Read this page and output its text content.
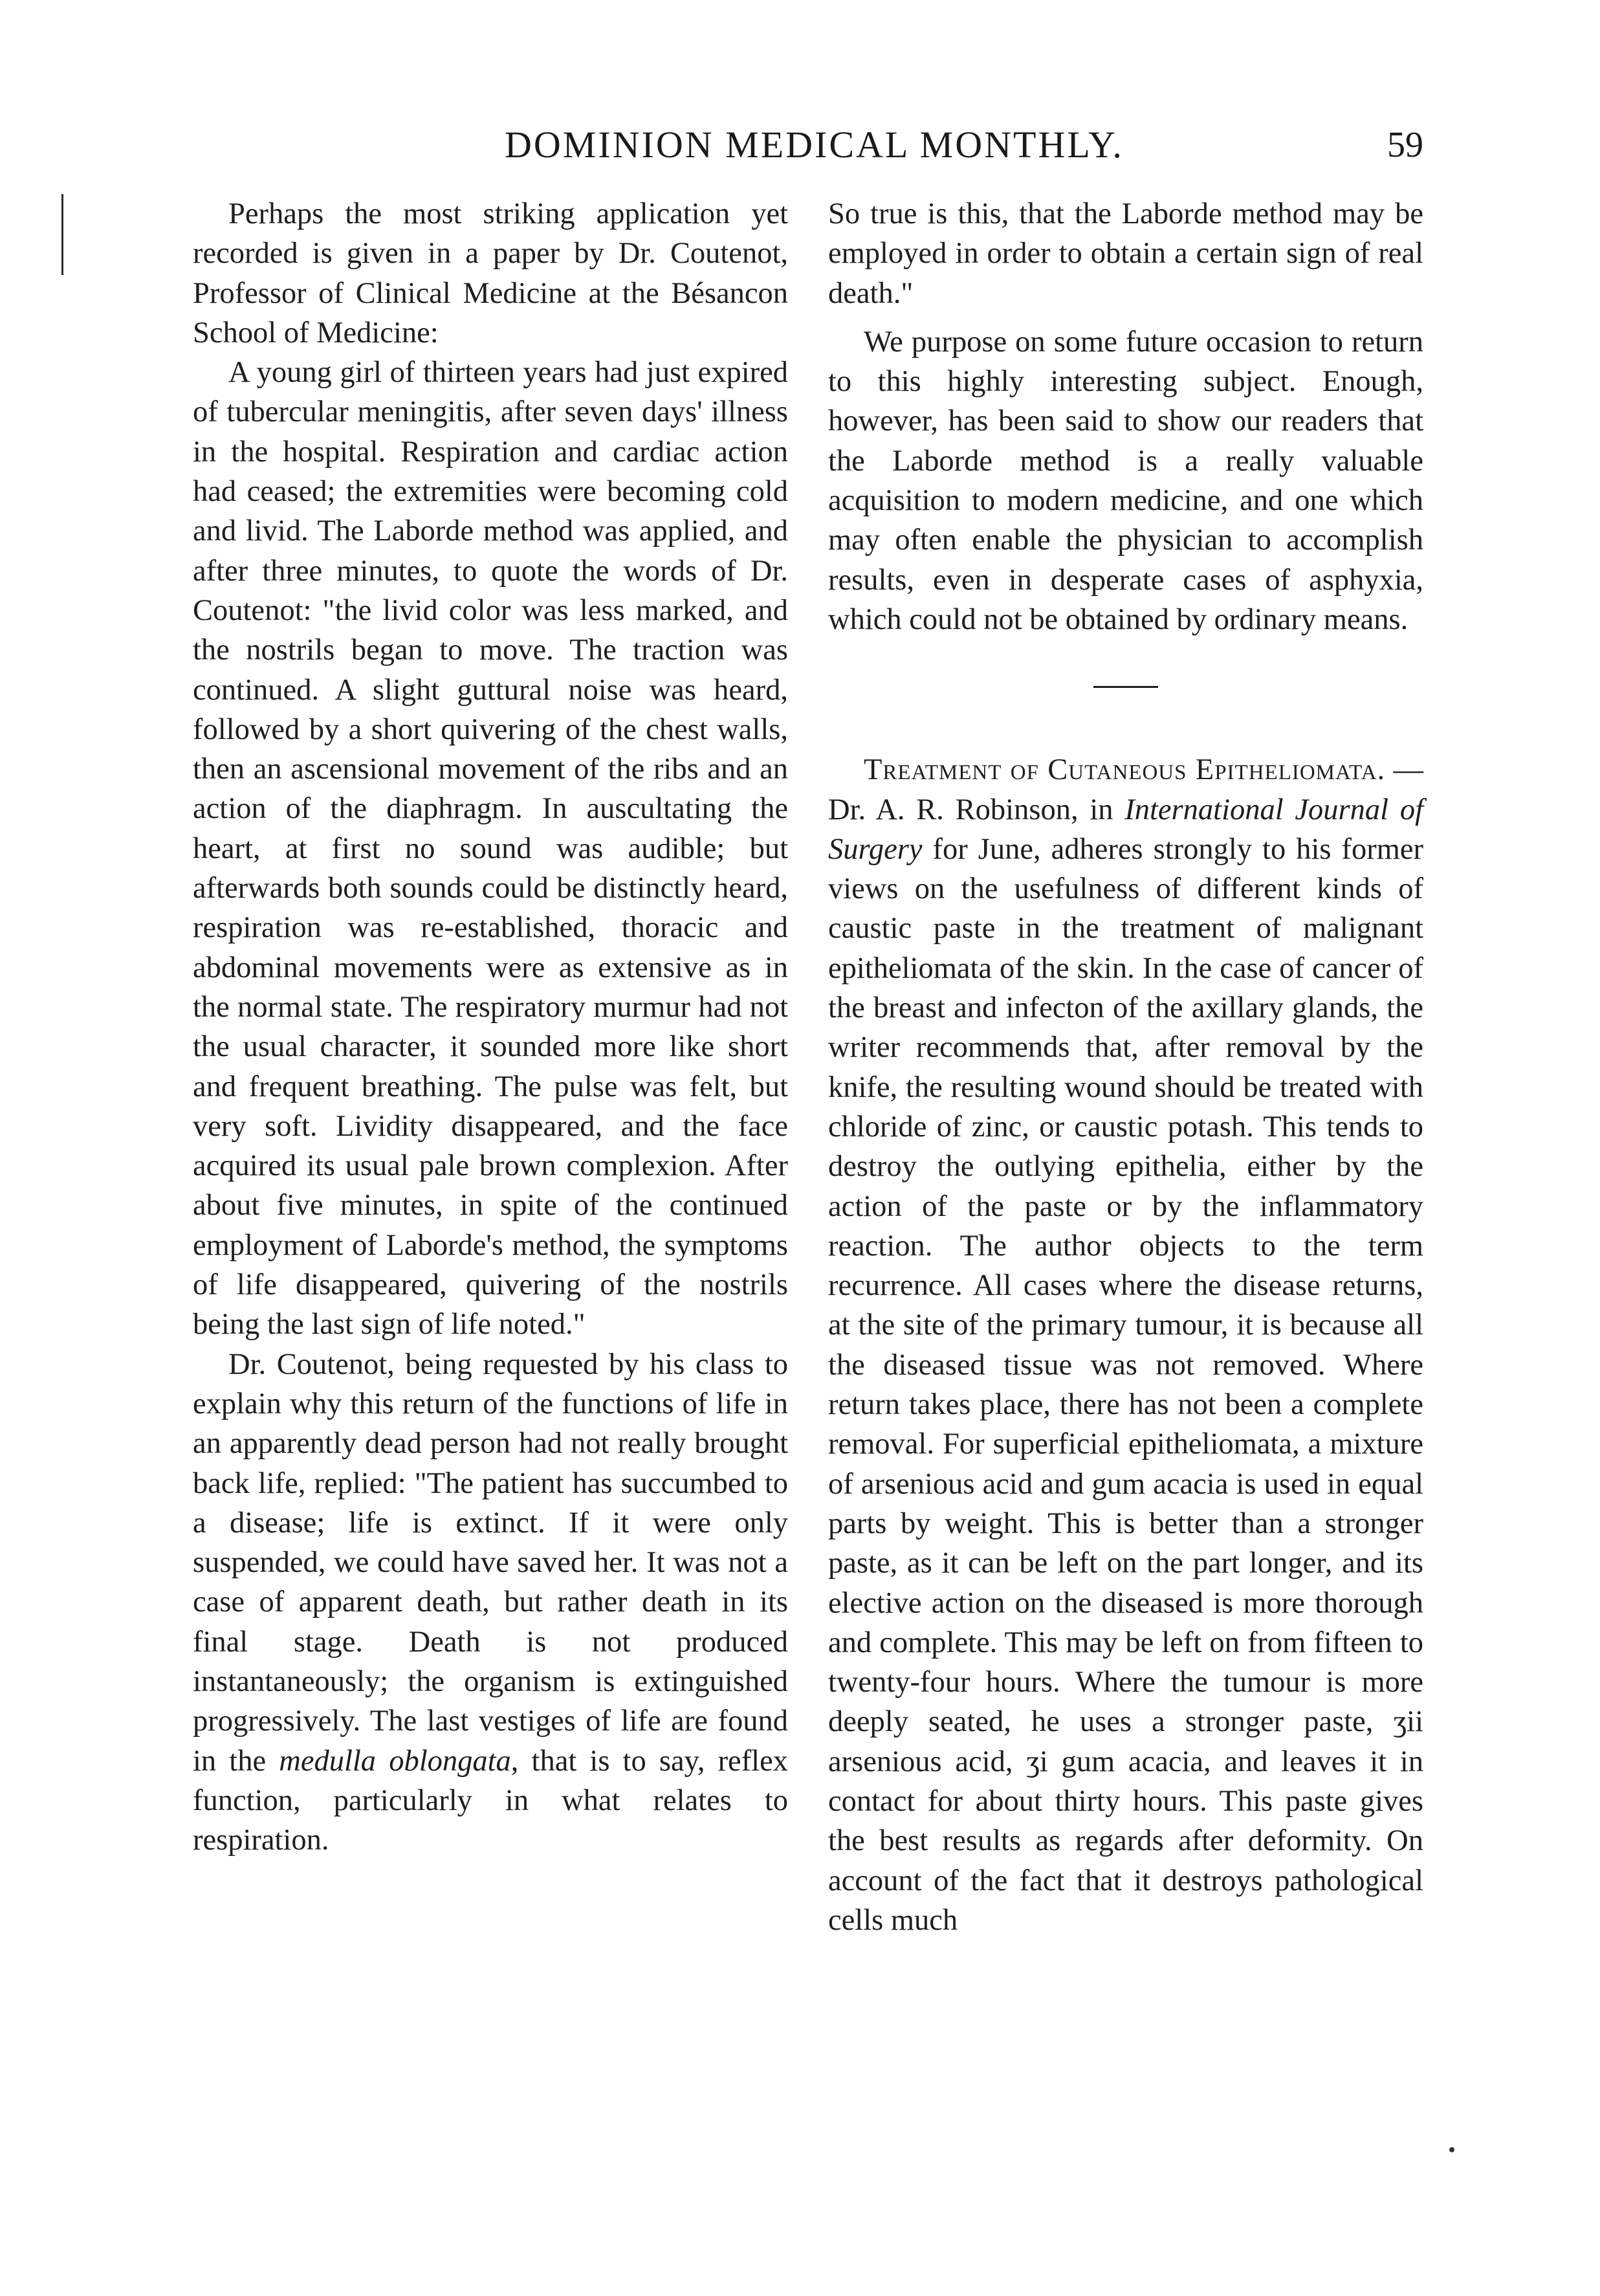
DOMINION MEDICAL MONTHLY.	59

Perhaps the most striking application yet recorded is given in a paper by Dr. Coutenot, Professor of Clinical Medicine at the Bésancon School of Medicine:

A young girl of thirteen years had just expired of tubercular meningitis, after seven days' illness in the hospital. Respiration and cardiac action had ceased; the extremities were becoming cold and livid. The Laborde method was applied, and after three minutes, to quote the words of Dr. Coutenot: "the livid color was less marked, and the nostrils began to move. The traction was continued. A slight guttural noise was heard, followed by a short quivering of the chest walls, then an ascensional movement of the ribs and an action of the diaphragm. In auscultating the heart, at first no sound was audible; but afterwards both sounds could be distinctly heard, respiration was re-established, thoracic and abdominal movements were as extensive as in the normal state. The respiratory murmur had not the usual character, it sounded more like short and frequent breathing. The pulse was felt, but very soft. Lividity disappeared, and the face acquired its usual pale brown complexion. After about five minutes, in spite of the continued employment of Laborde's method, the symptoms of life disappeared, quivering of the nostrils being the last sign of life noted."

Dr. Coutenot, being requested by his class to explain why this return of the functions of life in an apparently dead person had not really brought back life, replied: "The patient has succumbed to a disease; life is extinct. If it were only suspended, we could have saved her. It was not a case of apparent death, but rather death in its final stage. Death is not produced instantaneously; the organism is extinguished progressively. The last vestiges of life are found in the medulla oblongata, that is to say, reflex function, particularly in what relates to respiration.

So true is this, that the Laborde method may be employed in order to obtain a certain sign of real death."

We purpose on some future occasion to return to this highly interesting subject. Enough, however, has been said to show our readers that the Laborde method is a really valuable acquisition to modern medicine, and one which may often enable the physician to accomplish results, even in desperate cases of asphyxia, which could not be obtained by ordinary means.

Treatment of Cutaneous Epitheliomata. —Dr. A. R. Robinson, in International Journal of Surgery for June, adheres strongly to his former views on the usefulness of different kinds of caustic paste in the treatment of malignant epitheliomata of the skin. In the case of cancer of the breast and infecton of the axillary glands, the writer recommends that, after removal by the knife, the resulting wound should be treated with chloride of zinc, or caustic potash. This tends to destroy the outlying epithelia, either by the action of the paste or by the inflammatory reaction. The author objects to the term recurrence. All cases where the disease returns, at the site of the primary tumour, it is because all the diseased tissue was not removed. Where return takes place, there has not been a complete removal. For superficial epitheliomata, a mixture of arsenious acid and gum acacia is used in equal parts by weight. This is better than a stronger paste, as it can be left on the part longer, and its elective action on the diseased is more thorough and complete. This may be left on from fifteen to twenty-four hours. Where the tumour is more deeply seated, he uses a stronger paste, ʒii arsenious acid, ʒi gum acacia, and leaves it in contact for about thirty hours. This paste gives the best results as regards after deformity. On account of the fact that it destroys pathological cells much
